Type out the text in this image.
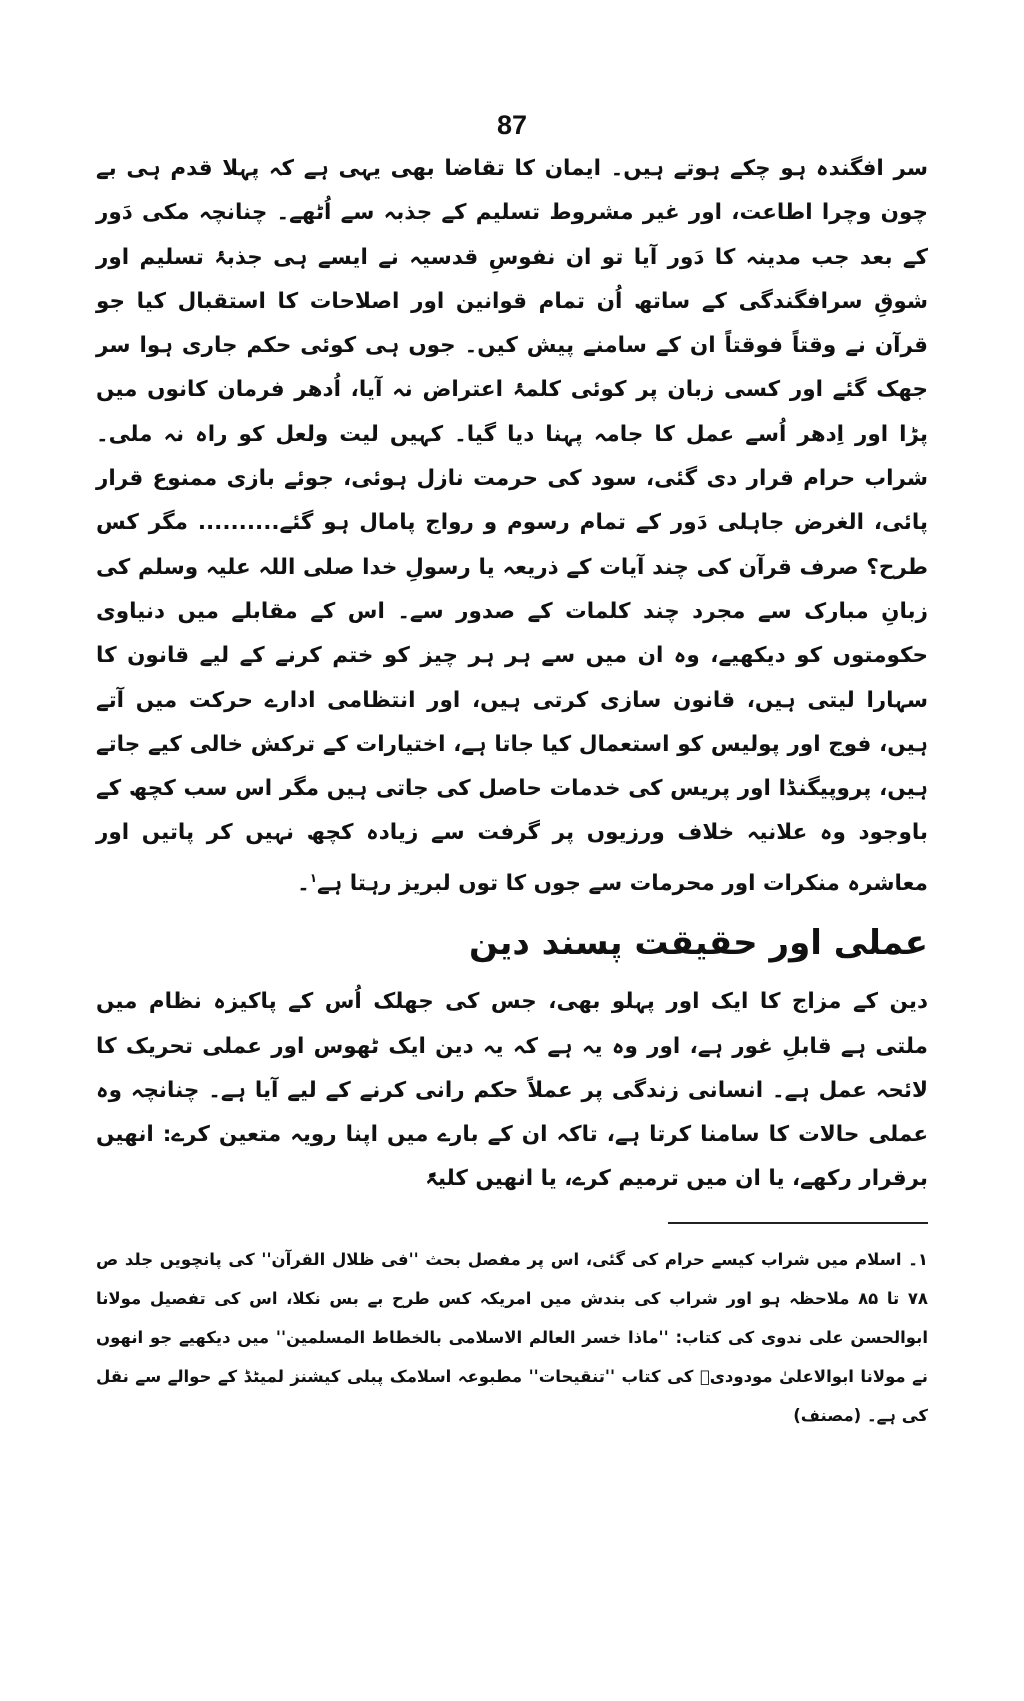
87

سر افگندہ ہو چکے ہوتے ہیں۔ ایمان کا تقاضا بھی یہی ہے کہ پہلا قدم ہی بے چون وچرا اطاعت، اور غیر مشروط تسلیم کے جذبہ سے اُٹھے۔ چنانچہ مکی دَور کے بعد جب مدینہ کا دَور آیا تو ان نفوسِ قدسیہ نے ایسے ہی جذبۂ تسلیم اور شوقِ سرافگندگی کے ساتھ اُن تمام قوانین اور اصلاحات کا استقبال کیا جو قرآن نے وقتاً فوقتاً ان کے سامنے پیش کیں۔ جوں ہی کوئی حکم جاری ہوا سر جھک گئے اور کسی زبان پر کوئی کلمۂ اعتراض نہ آیا، اُدھر فرمان کانوں میں پڑا اور اِدھر اُسے عمل کا جامہ پہنا دیا گیا۔ کہیں لیت ولعل کو راہ نہ ملی۔ شراب حرام قرار دی گئی، سود کی حرمت نازل ہوئی، جوئے بازی ممنوع قرار پائی، الغرض جاہلی دَور کے تمام رسوم و رواج پامال ہو گئے.......... مگر کس طرح؟ صرف قرآن کی چند آیات کے ذریعہ یا رسولِ خدا صلی اللہ علیہ وسلم کی زبانِ مبارک سے مجرد چند کلمات کے صدور سے۔ اس کے مقابلے میں دنیاوی حکومتوں کو دیکھیے، وہ ان میں سے ہر ہر چیز کو ختم کرنے کے لیے قانون کا سہارا لیتی ہیں، قانون سازی کرتی ہیں، اور انتظامی ادارے حرکت میں آتے ہیں، فوج اور پولیس کو استعمال کیا جاتا ہے، اختیارات کے ترکش خالی کیے جاتے ہیں، پروپیگنڈا اور پریس کی خدمات حاصل کی جاتی ہیں مگر اس سب کچھ کے باوجود وہ علانیہ خلاف ورزیوں پر گرفت سے زیادہ کچھ نہیں کر پاتیں اور معاشرہ منکرات اور محرمات سے جوں کا توں لبریز رہتا ہے$^۱$۔

عملی اور حقیقت پسند دین

دین کے مزاج کا ایک اور پہلو بھی، جس کی جھلک اُس کے پاکیزہ نظام میں ملتی ہے قابلِ غور ہے، اور وہ یہ ہے کہ یہ دین ایک ٹھوس اور عملی تحریک کا لائحہ عمل ہے۔ انسانی زندگی پر عملاً حکم رانی کرنے کے لیے آیا ہے۔ چنانچہ وہ عملی حالات کا سامنا کرتا ہے، تاکہ ان کے بارے میں اپنا رویہ متعین کرے: انھیں برقرار رکھے، یا ان میں ترمیم کرے، یا انھیں کلیۃً

۱۔ اسلام میں شراب کیسے حرام کی گئی، اس پر مفصل بحث ''فی ظلال القرآن'' کی پانچویں جلد ص ۷۸ تا ۸۵ ملاحظہ ہو اور شراب کی بندش میں امریکہ کس طرح بے بس نکلا، اس کی تفصیل مولانا ابوالحسن علی ندوی کی کتاب: ''ماذا خسر العالم الاسلامی بالخطاط المسلمین'' میں دیکھیے جو انھوں نے مولانا ابوالاعلیٰ مودودیؒ کی کتاب ''تنقیحات'' مطبوعہ اسلامک پبلی کیشنز لمیٹڈ کے حوالے سے نقل کی ہے۔ (مصنف)
